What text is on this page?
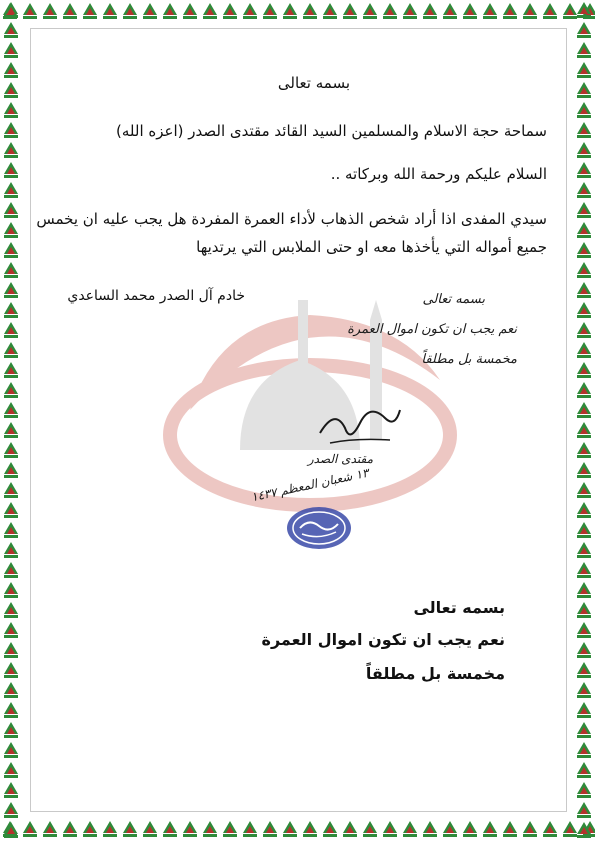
بسمه تعالى
سماحة حجة الاسلام والمسلمين السيد القائد مقتدى الصدر (اعزه الله)
السلام عليكم ورحمة الله وبركاته ..
سيدي المفدى اذا أراد شخص الذهاب لأداء العمرة المفردة هل يجب عليه ان يخمس
جميع أمواله التي يأخذها معه او حتى الملابس التي يرتديها
خادم آل الصدر محمد الساعدي	بسمه تعالى
نعم يجب ان تكون اموال العمرة
مخمسة بل مطلقاً
مقتدى الصدر
١٣ شعبان المعظم ١٤٣٧
بسمه تعالى
نعم يجب ان تكون اموال العمرة
مخمسة بل مطلقاً
